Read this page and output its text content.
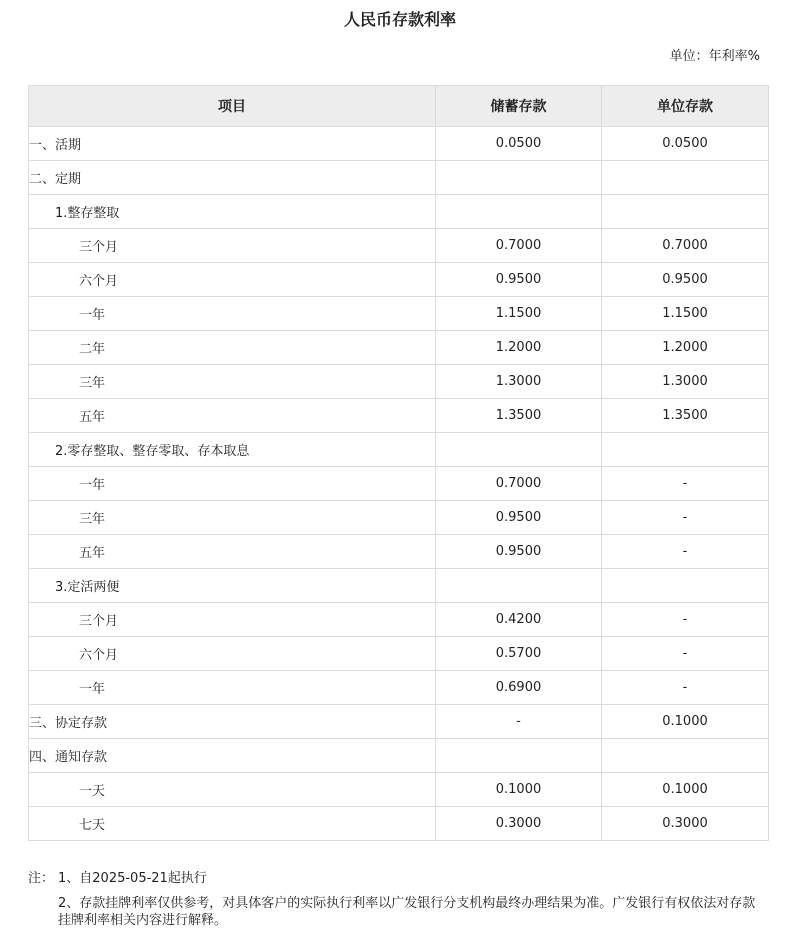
人民币存款利率
单位：年利率%
项目	储蓄存款	单位存款
一、活期	0.0500	0.0500
二、定期		
1.整存整取		
三个月	0.7000	0.7000
六个月	0.9500	0.9500
一年	1.1500	1.1500
二年	1.2000	1.2000
三年	1.3000	1.3000
五年	1.3500	1.3500
2.零存整取、整存零取、存本取息		
一年	0.7000	-
三年	0.9500	-
五年	0.9500	-
3.定活两便		
三个月	0.4200	-
六个月	0.5700	-
一年	0.6900	-
三、协定存款	-	0.1000
四、通知存款		
一天	0.1000	0.1000
七天	0.3000	0.3000
注： 1、自2025-05-21起执行
2、存款挂牌利率仅供参考，对具体客户的实际执行利率以广发银行分支机构最终办理结果为准。广发银行有权依法对存款挂牌利率相关内容进行解释。
